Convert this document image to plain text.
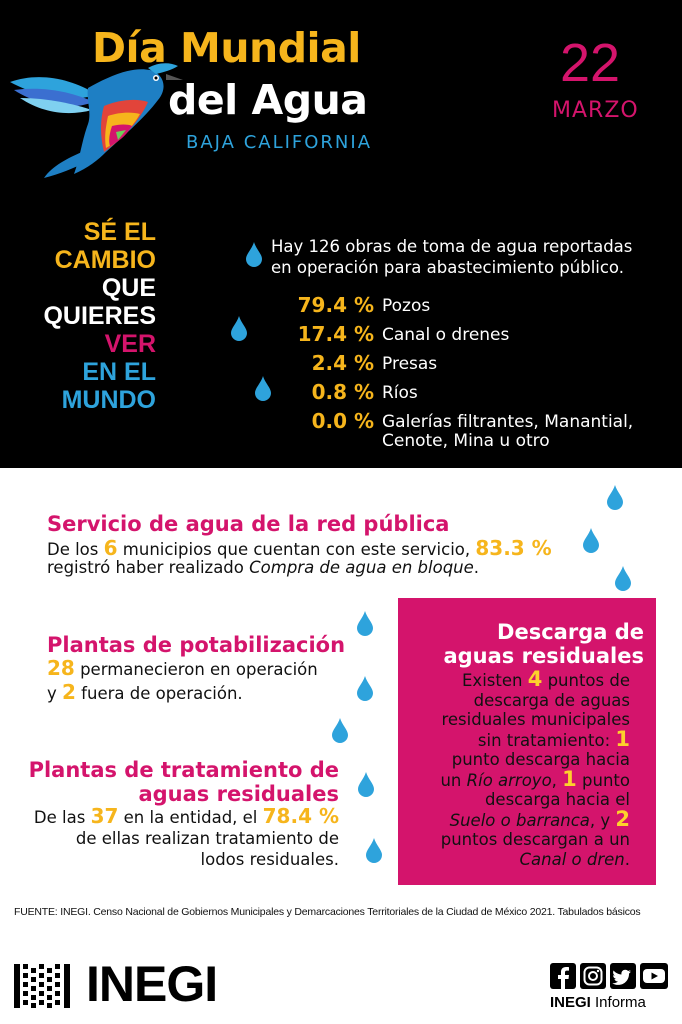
Día Mundial
del Agua
BAJA CALIFORNIA
22
MARZO
SÉ EL
CAMBIO
QUE
QUIERES
VER
EN EL
MUNDO
Hay 126 obras de toma de agua reportadas
en operación para abastecimiento público.
79.4 % Pozos
17.4 % Canal o drenes
2.4 % Presas
0.8 % Ríos
0.0 % Galerías filtrantes, Manantial,
Cenote, Mina u otro
Servicio de agua de la red pública
De los 6 municipios que cuentan con este servicio, 83.3 %
registró haber realizado Compra de agua en bloque.
Plantas de potabilización
28 permanecieron en operación
y 2 fuera de operación.
Plantas de tratamiento de
aguas residuales
De las 37 en la entidad, el 78.4 %
de ellas realizan tratamiento de
lodos residuales.
Descarga de
aguas residuales
Existen 4 puntos de
descarga de aguas
residuales municipales
sin tratamiento: 1
punto descarga hacia
un Río arroyo, 1 punto
descarga hacia el
Suelo o barranca, y 2
puntos descargan a un
Canal o dren.
FUENTE: INEGI. Censo Nacional de Gobiernos Municipales y Demarcaciones Territoriales de la Ciudad de México 2021. Tabulados básicos
INEGI	INEGI Informa
